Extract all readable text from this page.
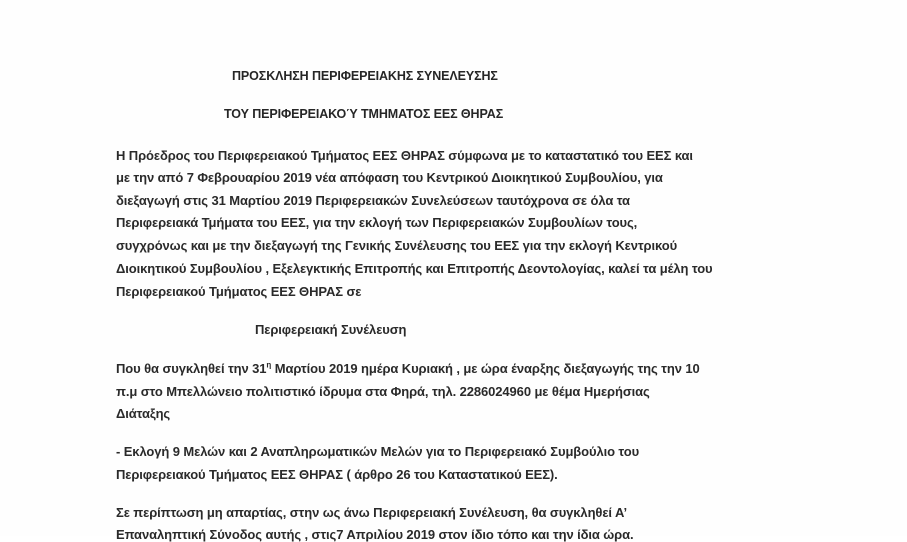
ΠΡΟΣΚΛΗΣΗ ΠΕΡΙΦΕΡΕΙΑΚΗΣ ΣΥΝΕΛΕΥΣΗΣ
ΤΟΥ ΠΕΡΙΦΕΡΕΙΑΚΟΎ ΤΜΗΜΑΤΟΣ ΕΕΣ ΘΗΡΑΣ
Η Πρόεδρος του Περιφερειακού Τμήματος ΕΕΣ ΘΗΡΑΣ σύμφωνα με το καταστατικό του ΕΕΣ και
με την από 7 Φεβρουαρίου 2019 νέα απόφαση του Κεντρικού Διοικητικού Συμβουλίου, για
διεξαγωγή στις 31 Μαρτίου 2019 Περιφερειακών Συνελεύσεων ταυτόχρονα σε όλα τα
Περιφερειακά Τμήματα του ΕΕΣ, για την εκλογή των Περιφερειακών Συμβουλίων τους,
συγχρόνως και με την διεξαγωγή της Γενικής Συνέλευσης του ΕΕΣ για την εκλογή Κεντρικού
Διοικητικού Συμβουλίου , Εξελεγκτικής Επιτροπής και Επιτροπής Δεοντολογίας, καλεί τα μέλη του
Περιφερειακού Τμήματος ΕΕΣ ΘΗΡΑΣ σε
Περιφερειακή Συνέλευση
Που θα συγκληθεί την $31^\eta$ Μαρτίου 2019 ημέρα Κυριακή , με ώρα έναρξης διεξαγωγής της την 10
π.μ στο Μπελλώνειο πολιτιστικό ίδρυμα στα Φηρά, τηλ. 2286024960 με θέμα Ημερήσιας
Διάταξης
- Εκλογή 9 Μελών και 2 Αναπληρωματικών Μελών για το Περιφερειακό Συμβούλιο του
Περιφερειακού Τμήματος ΕΕΣ ΘΗΡΑΣ ( άρθρο 26 του Καταστατικού ΕΕΣ).
Σε περίπτωση μη απαρτίας, στην ως άνω Περιφερειακή Συνέλευση, θα συγκληθεί Α’
Επαναληπτική Σύνοδος αυτής , στις7 Απριλίου 2019 στον ίδιο τόπο και την ίδια ώρα.
